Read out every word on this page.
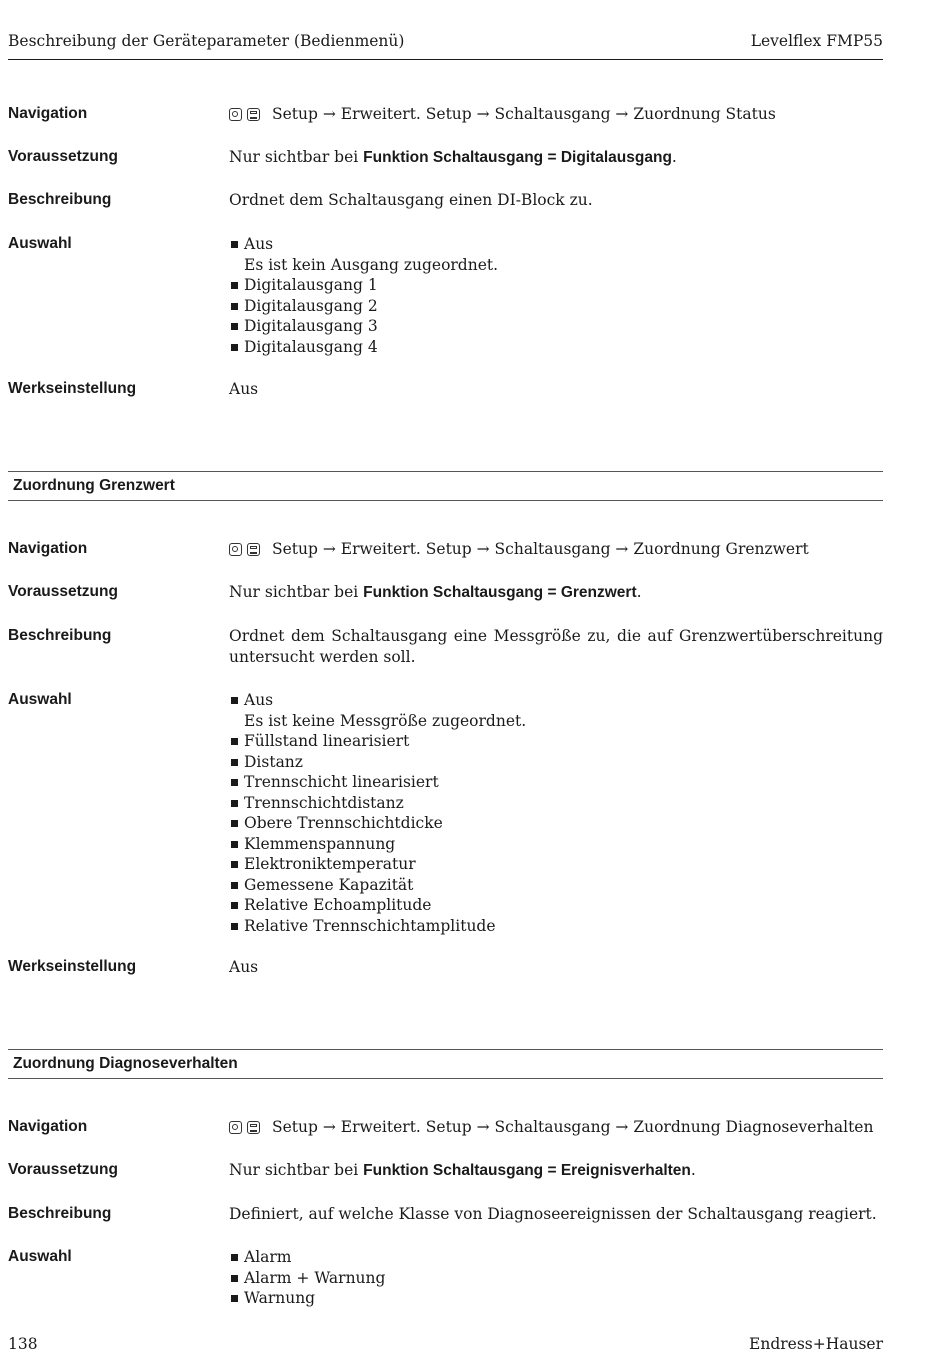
Beschreibung der Geräteparameter (Bedienmenü)	Levelflex FMP55
Navigation	Setup → Erweitert. Setup → Schaltausgang → Zuordnung Status
Voraussetzung	Nur sichtbar bei Funktion Schaltausgang = Digitalausgang.
Beschreibung	Ordnet dem Schaltausgang einen DI-Block zu.
Auswahl	Aus
Es ist kein Ausgang zugeordnet.
Digitalausgang 1
Digitalausgang 2
Digitalausgang 3
Digitalausgang 4
Werkseinstellung	Aus
Zuordnung Grenzwert
Navigation	Setup → Erweitert. Setup → Schaltausgang → Zuordnung Grenzwert
Voraussetzung	Nur sichtbar bei Funktion Schaltausgang = Grenzwert.
Beschreibung	Ordnet dem Schaltausgang eine Messgröße zu, die auf Grenzwertüberschreitung untersucht werden soll.
Auswahl	Aus
Es ist keine Messgröße zugeordnet.
Füllstand linearisiert
Distanz
Trennschicht linearisiert
Trennschichtdistanz
Obere Trennschichtdicke
Klemmenspannung
Elektroniktemperatur
Gemessene Kapazität
Relative Echoamplitude
Relative Trennschichtamplitude
Werkseinstellung	Aus
Zuordnung Diagnoseverhalten
Navigation	Setup → Erweitert. Setup → Schaltausgang → Zuordnung Diagnoseverhalten
Voraussetzung	Nur sichtbar bei Funktion Schaltausgang = Ereignisverhalten.
Beschreibung	Definiert, auf welche Klasse von Diagnoseereignissen der Schaltausgang reagiert.
Auswahl	Alarm
Alarm + Warnung
Warnung
138	Endress+Hauser
